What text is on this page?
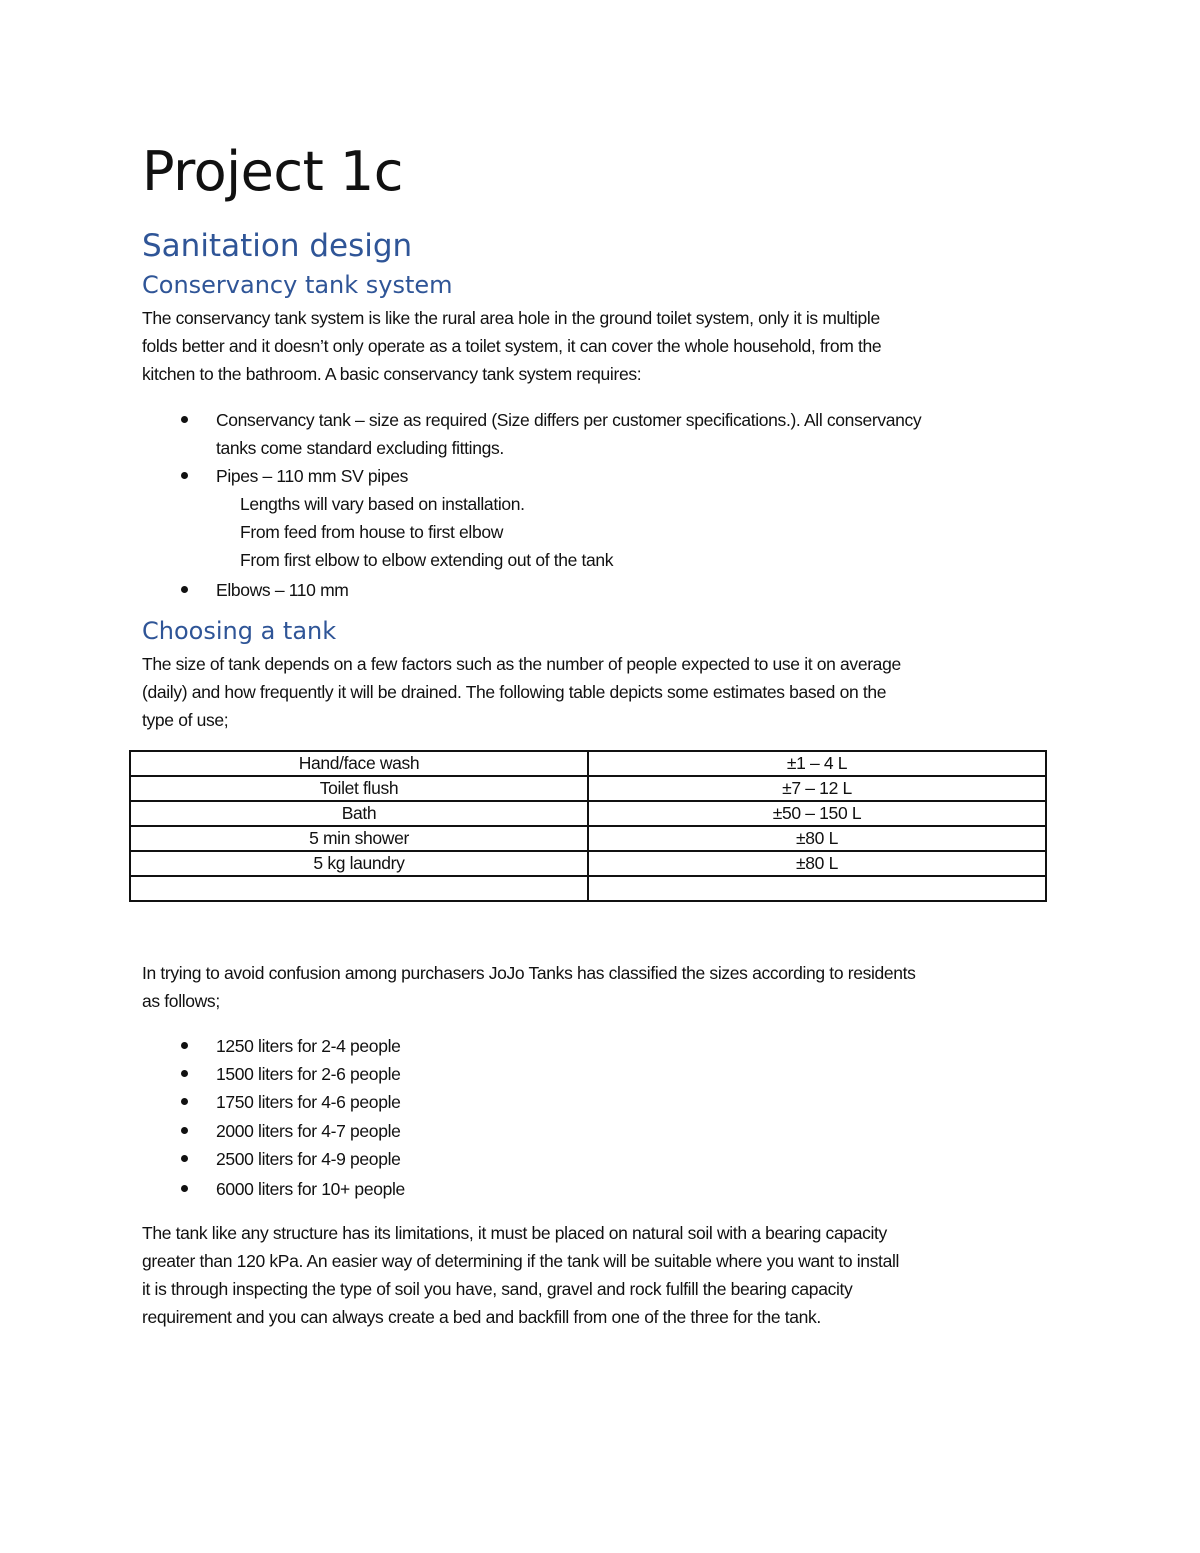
Project 1c
Sanitation design
Conservancy tank system
The conservancy tank system is like the rural area hole in the ground toilet system, only it is multiple
folds better and it doesn’t only operate as a toilet system, it can cover the whole household, from the
kitchen to the bathroom. A basic conservancy tank system requires:
Conservancy tank – size as required (Size differs per customer specifications.). All conservancy
tanks come standard excluding fittings.
Pipes – 110 mm SV pipes
Lengths will vary based on installation.
From feed from house to first elbow
From first elbow to elbow extending out of the tank
Elbows – 110 mm
Choosing a tank
The size of tank depends on a few factors such as the number of people expected to use it on average
(daily) and how frequently it will be drained. The following table depicts some estimates based on the
type of use;
Hand/face wash	±1 – 4 L
Toilet flush	±7 – 12 L
Bath	±50 – 150 L
5 min shower	±80 L
5 kg laundry	±80 L

In trying to avoid confusion among purchasers JoJo Tanks has classified the sizes according to residents
as follows;
1250 liters for 2-4 people
1500 liters for 2-6 people
1750 liters for 4-6 people
2000 liters for 4-7 people
2500 liters for 4-9 people
6000 liters for 10+ people
The tank like any structure has its limitations, it must be placed on natural soil with a bearing capacity
greater than 120 kPa. An easier way of determining if the tank will be suitable where you want to install
it is through inspecting the type of soil you have, sand, gravel and rock fulfill the bearing capacity
requirement and you can always create a bed and backfill from one of the three for the tank.
